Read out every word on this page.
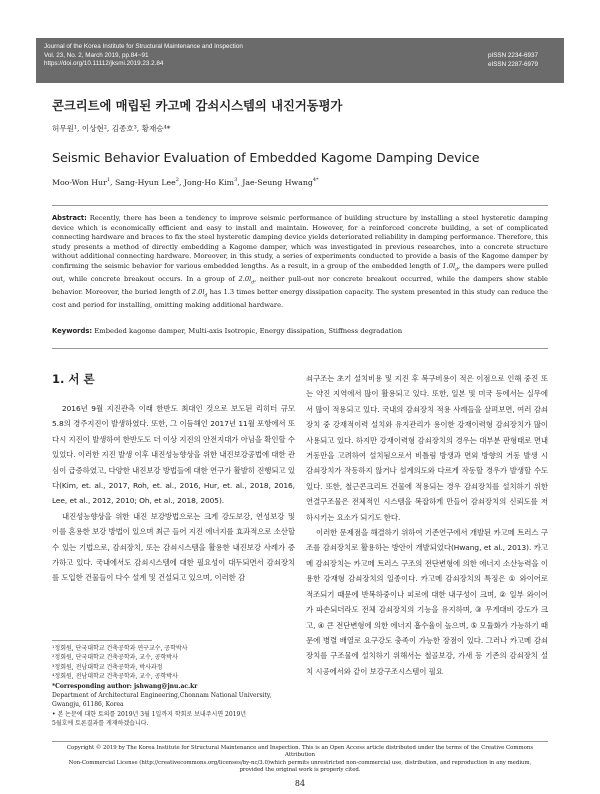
Journal of the Korea Institute for Structural Maintenance and Inspection
Vol. 23, No. 2, March 2019, pp.84~91
https://doi.org/10.11112/jksmi.2019.23.2.84
pISSN 2234-6937
eISSN 2287-6979
콘크리트에 매립된 카고메 감쇠시스템의 내진거동평가
허무원¹, 이상현², 김종호³, 황재승⁴*
Seismic Behavior Evaluation of Embedded Kagome Damping Device
Moo-Won Hur$^1$, Sang-Hyun Lee$^2$, Jong-Ho Kim$^3$, Jae-Seung Hwang$^{4*}$
Abstract: Recently, there has been a tendency to improve seismic performance of building structure by installing a steel hysteretic damping device which is economically efficient and easy to install and maintain. However, for a reinforced concrete building, a set of complicated connecting hardware and braces to fix the steel hysteretic damping device yields deteriorated reliability in damping performance. Therefore, this study presents a method of directly embedding a Kagome damper, which was investigated in previous researches, into a concrete structure without additional connecting hardware. Moreover, in this study, a series of experiments conducted to provide a basis of the Kagome damper by confirming the seismic behavior for various embedded lengths. As a result, in a group of the embedded length of $1.0l_d$, the dampers were pulled out, while concrete breakout occurs. In a group of $2.0l_d$, neither pull-out nor concrete breakout occurred, while the dampers show stable behavior. Moreover, the buried length of $2.0l_d$ has 1.3 times better energy dissipation capacity. The system presented in this study can reduce the cost and period for installing, omitting making additional hardware.
Keywords: Embeded kagome damper, Multi-axis Isotropic, Energy dissipation, Stiffness degradation
1. 서 론

2016년 9월 지진관측 이래 한반도 최대인 것으로 보도된 리히터 규모 5.8의 경주지진이 발생하였다. 또한, 그 이듬해인 2017년 11월 포항에서 또다시 지진이 발생하여 한반도도 더 이상 지진의 안전지대가 아님을 확인할 수 있었다. 이러한 지진 발생 이후 내진성능향상을 위한 내진보강공법에 대한 관심이 급증하였고, 다양한 내진보강 방법들에 대한 연구가 활발히 진행되고 있다(Kim, et. al., 2017, Roh, et. al., 2016, Hur, et. al., 2018, 2016, Lee, et al., 2012, 2010; Oh, et al., 2018, 2005).

내진성능향상을 위한 내진 보강방법으로는 크게 강도보강, 연성보강 및 이를 혼용한 보강 방법이 있으며 최근 들어 지진 에너지를 효과적으로 소산할 수 있는 기법으로, 감쇠장치, 또는 감쇠시스템을 활용한 내진보강 사례가 증가하고 있다. 국내에서도 감쇠시스템에 대한 필요성이 대두되면서 감쇠장치를 도입한 건물들이 다수 설계 및 건설되고 있으며, 이러한 감

¹정회원, 단국대학교 건축공학과 연구교수, 공학박사
²정회원, 단국대학교 건축공학과, 교수, 공학박사
³정회원, 전남대학교 건축공학과, 박사과정
⁴정회원, 전남대학교 건축공학과, 교수, 공학박사
*Corresponding author: jshwang@jnu.ac.kr
Department of Architectural Engineering,Chonnam National University, Gwangju, 61186, Korea
• 본 논문에 대한 토의를 2019년 3월 1일까지 학회로 보내주시면 2019년
5월호에 토론결과를 게재하겠습니다.

쇠구조는 초기 설치비용 및 지진 후 복구비용이 적은 이점으로 인해 중진 또는 약진 지역에서 많이 활용되고 있다. 또한, 일본 및 미국 등에서는 실무에서 많이 적용되고 있다. 국내의 감쇠장치 적용 사례들을 살펴보면, 여러 감쇠장치 중 강재적이력 설치와 유지관리가 용이한 강재이력형 감쇠장치가 많이 사용되고 있다. 하지만 강재이력형 감쇠장치의 경우는 대부분 판형태로 면내거동만을 고려하여 설치됨으로서 비틀림 방생과 면외 방향의 거동 발생 시 감쇠장치가 작동하지 않거나 설계의도와 다르게 작동할 경우가 발생할 수도 있다. 또한, 철근콘크리트 건물에 적용되는 경우 감쇠장치를 설치하기 위한 연결구조물은 전체적인 시스템을 복잡하게 만들어 감쇠장치의 신뢰도를 저하시키는 요소가 되기도 한다.

이러한 문제점을 해결하기 위하여 기존연구에서 개발된 카고메 트러스 구조를 감쇠장치로 활용하는 방안이 개발되었다(Hwang, et al., 2013). 카고메 감쇠장치는 카고메 트러스 구조의 전단변형에 의한 에너지 소산능력을 이용한 강재형 감쇠장치의 일종이다. 카고메 감쇠장치의 특징은 ① 와이어로 적조되기 때문에 반복하중이나 피로에 대한 내구성이 크며, ② 일부 와이어가 파손되더라도 전체 감쇠장치의 기능을 유지하며, ③ 무게대비 강도가 크고, ④ 큰 전단변형에 의한 에너지 흡수율이 높으며, ⑤ 모듈화가 가능하기 때문에 병렬 배열로 요구강도 충족이 가능한 장점이 있다. 그러나 카고메 감쇠장치를 구조물에 설치하기 위해서는 철골보강, 가새 등 기존의 감쇠장치 설치 시공에서와 같이 보강구조시스템이 필요

Copyright © 2019 by The Korea Institute for Structural Maintenance and Inspection. This is an Open Access article distributed under the terms of the Creative Commons Attribution
Non-Commercial License (http://creativecommons.org/licenses/by-nc/3.0)which permits unrestricted non-commercial use, distribution, and reproduction in any medium,
provided the original work is properly cited.
84
